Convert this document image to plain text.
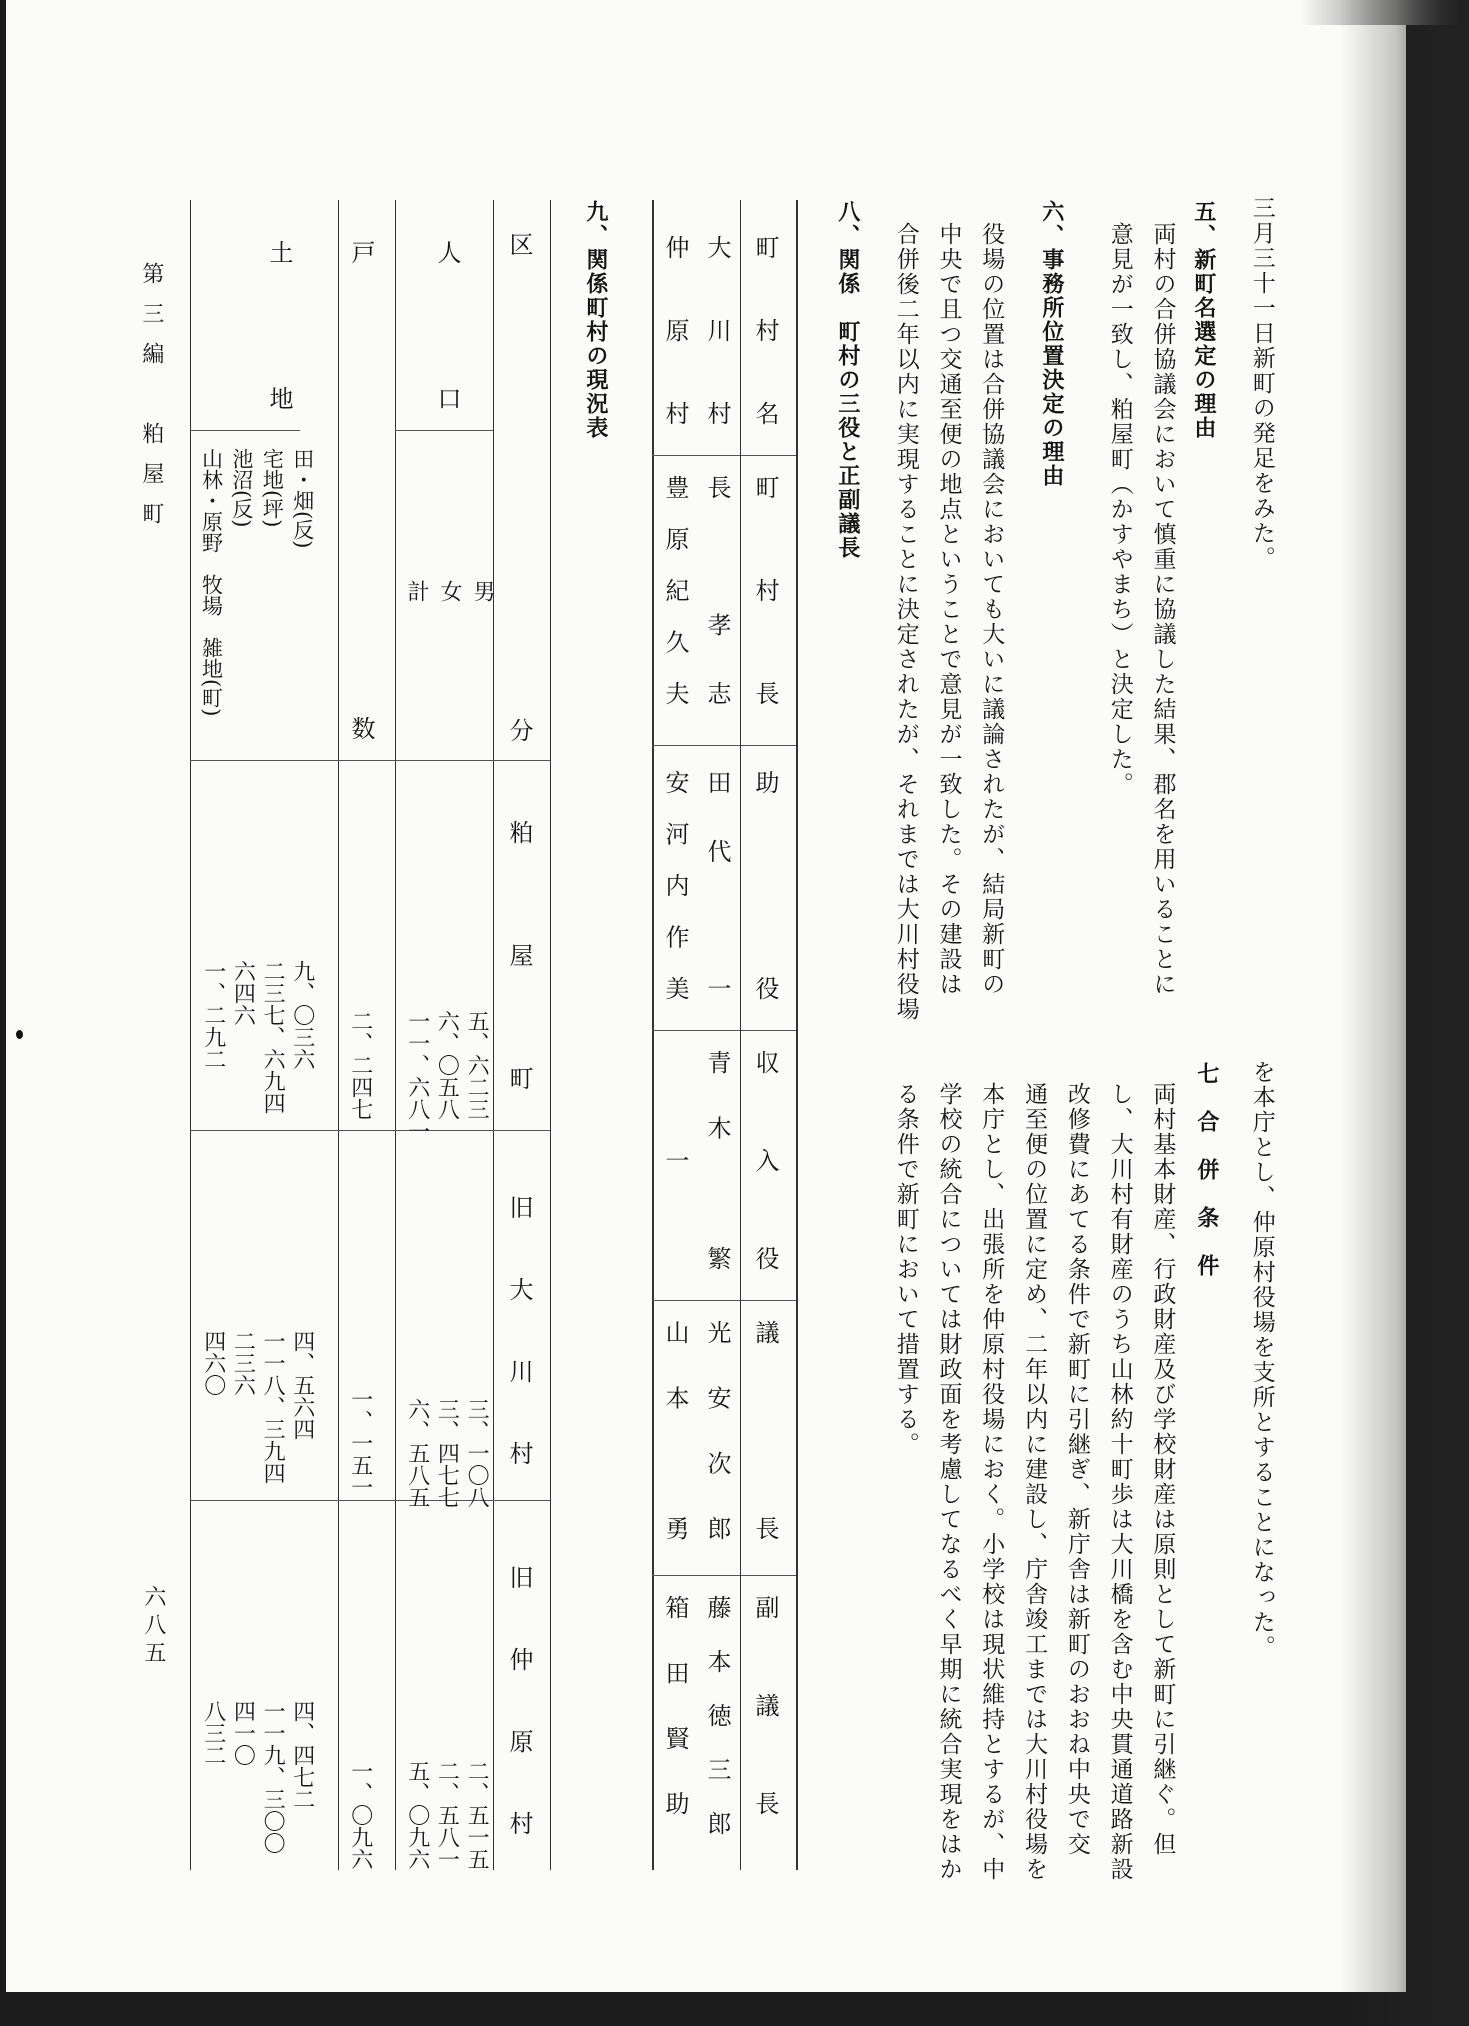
三月三十一日新町の発足をみた。
五、新町名選定の理由
両村の合併協議会において慎重に協議した結果、郡名を用いることに
意見が一致し、粕屋町（かすやまち）と決定した。
六、事務所位置決定の理由
役場の位置は合併協議会においても大いに議論されたが、結局新町の
中央で且つ交通至便の地点ということで意見が一致した。その建設は
合併後二年以内に実現することに決定されたが、それまでは大川村役場
を本庁とし、仲原村役場を支所とすることになった。
七　合　併　条　件
両村基本財産、行政財産及び学校財産は原則として新町に引継ぐ。但
し、大川村有財産のうち山林約十町歩は大川橋を含む中央貫通道路新設
改修費にあてる条件で新町に引継ぎ、新庁舎は新町のおおね中央で交
通至便の位置に定め、二年以内に建設し、庁舎竣工までは大川村役場を
本庁とし、出張所を仲原村役場におく。小学校は現状維持とするが、中
学校の統合については財政面を考慮してなるべく早期に統合実現をはか
る条件で新町において措置する。
八、関係　町村の三役と正副議長
町村名
町村長
助役
収入役
議長
副議長
大川村
長　孝志
田代　一
青木　繁
光安次郎
藤本徳三郎
仲原村
豊原紀久夫
安河内作美
一
山本　勇
箱田賢助
九、関係町村の現況表
区分
粕屋町
旧大川村
旧仲原村
人口
男
女
計
五、六二三
六、〇五八
一一、六八一
三、一〇八
三、四七七
六、五八五
二、五一五
二、五八一
五、〇九六
戸数
二、二四七
一、一五一
一、〇九六
土地
田・畑(反)
宅地(坪)
池沼(反)
山林・原野　牧場　雑地(町)
九、〇三六
二三七、六九四
六四六
一、二九二
四、五六四
一一八、三九四
二三六
四六〇
四、四七二
一一九、三〇〇
四一〇
八三二
第三編　粕屋町
六八五
